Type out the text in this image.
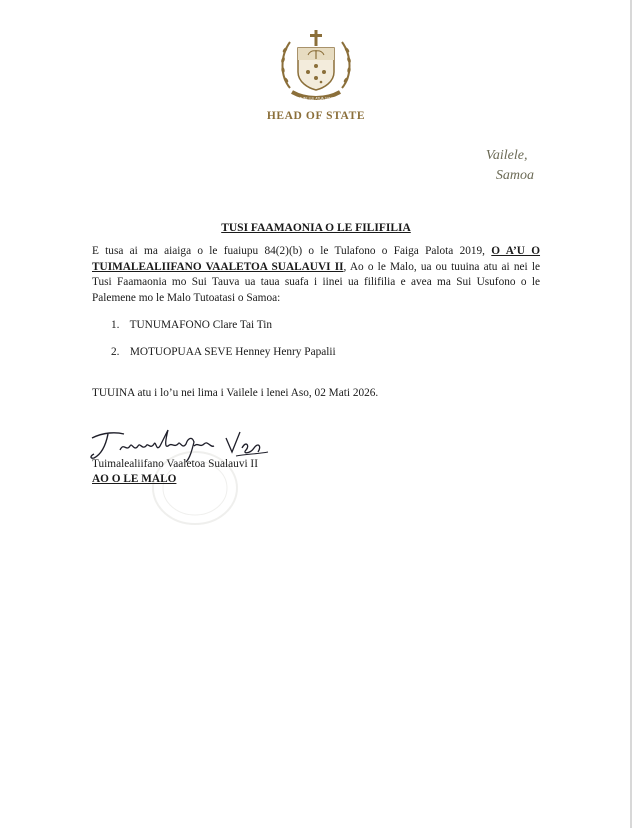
FAAVAE I LE ATUA SAMOA
HEAD OF STATE
Vailele,
Samoa
TUSI FAAMAONIA O LE FILIFILIA
E tusa ai ma aiaiga o le fuaiupu 84(2)(b) o le Tulafono o Faiga Palota 2019, O A’U O TUIMALEALIIFANO VAALETOA SUALAUVI II, Ao o le Malo, ua ou tuuina atu ai nei le Tusi Faamaonia mo Sui Tauva ua taua suafa i iinei ua filifilia e avea ma Sui Usufono o le Palemene mo le Malo Tutoatasi o Samoa:
1. TUNUMAFONO Clare Tai Tin
2. MOTUOPUAA SEVE Henney Henry Papalii
TUUINA atu i lo’u nei lima i Vailele i lenei Aso, 02 Mati 2026.
Tuimalealiifano Vaaletoa Sualauvi II
AO O LE MALO
